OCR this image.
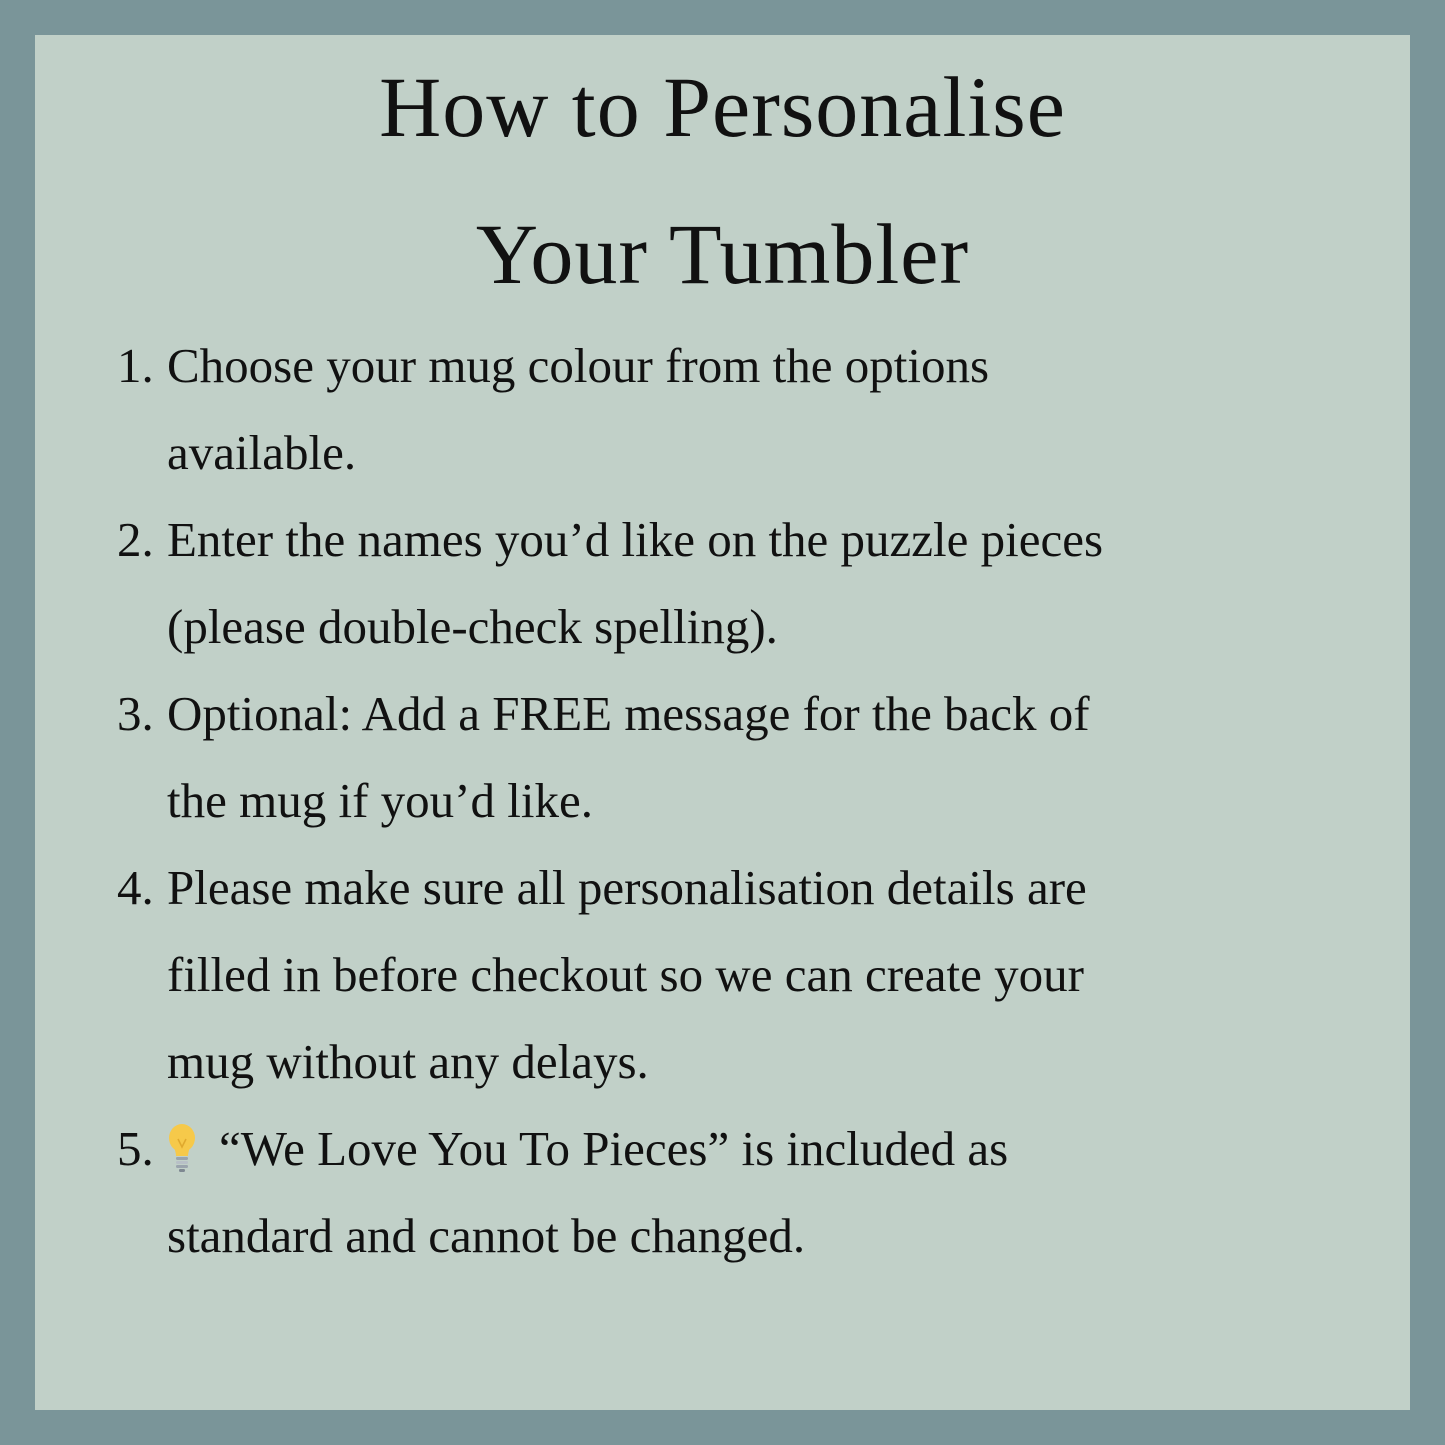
How to Personalise
Your Tumbler
1. Choose your mug colour from the options
available.
2. Enter the names you’d like on the puzzle pieces
(please double-check spelling).
3. Optional: Add a FREE message for the back of
the mug if you’d like.
4. Please make sure all personalisation details are
filled in before checkout so we can create your
mug without any delays.
5.	“We Love You To Pieces” is included as
standard and cannot be changed.
